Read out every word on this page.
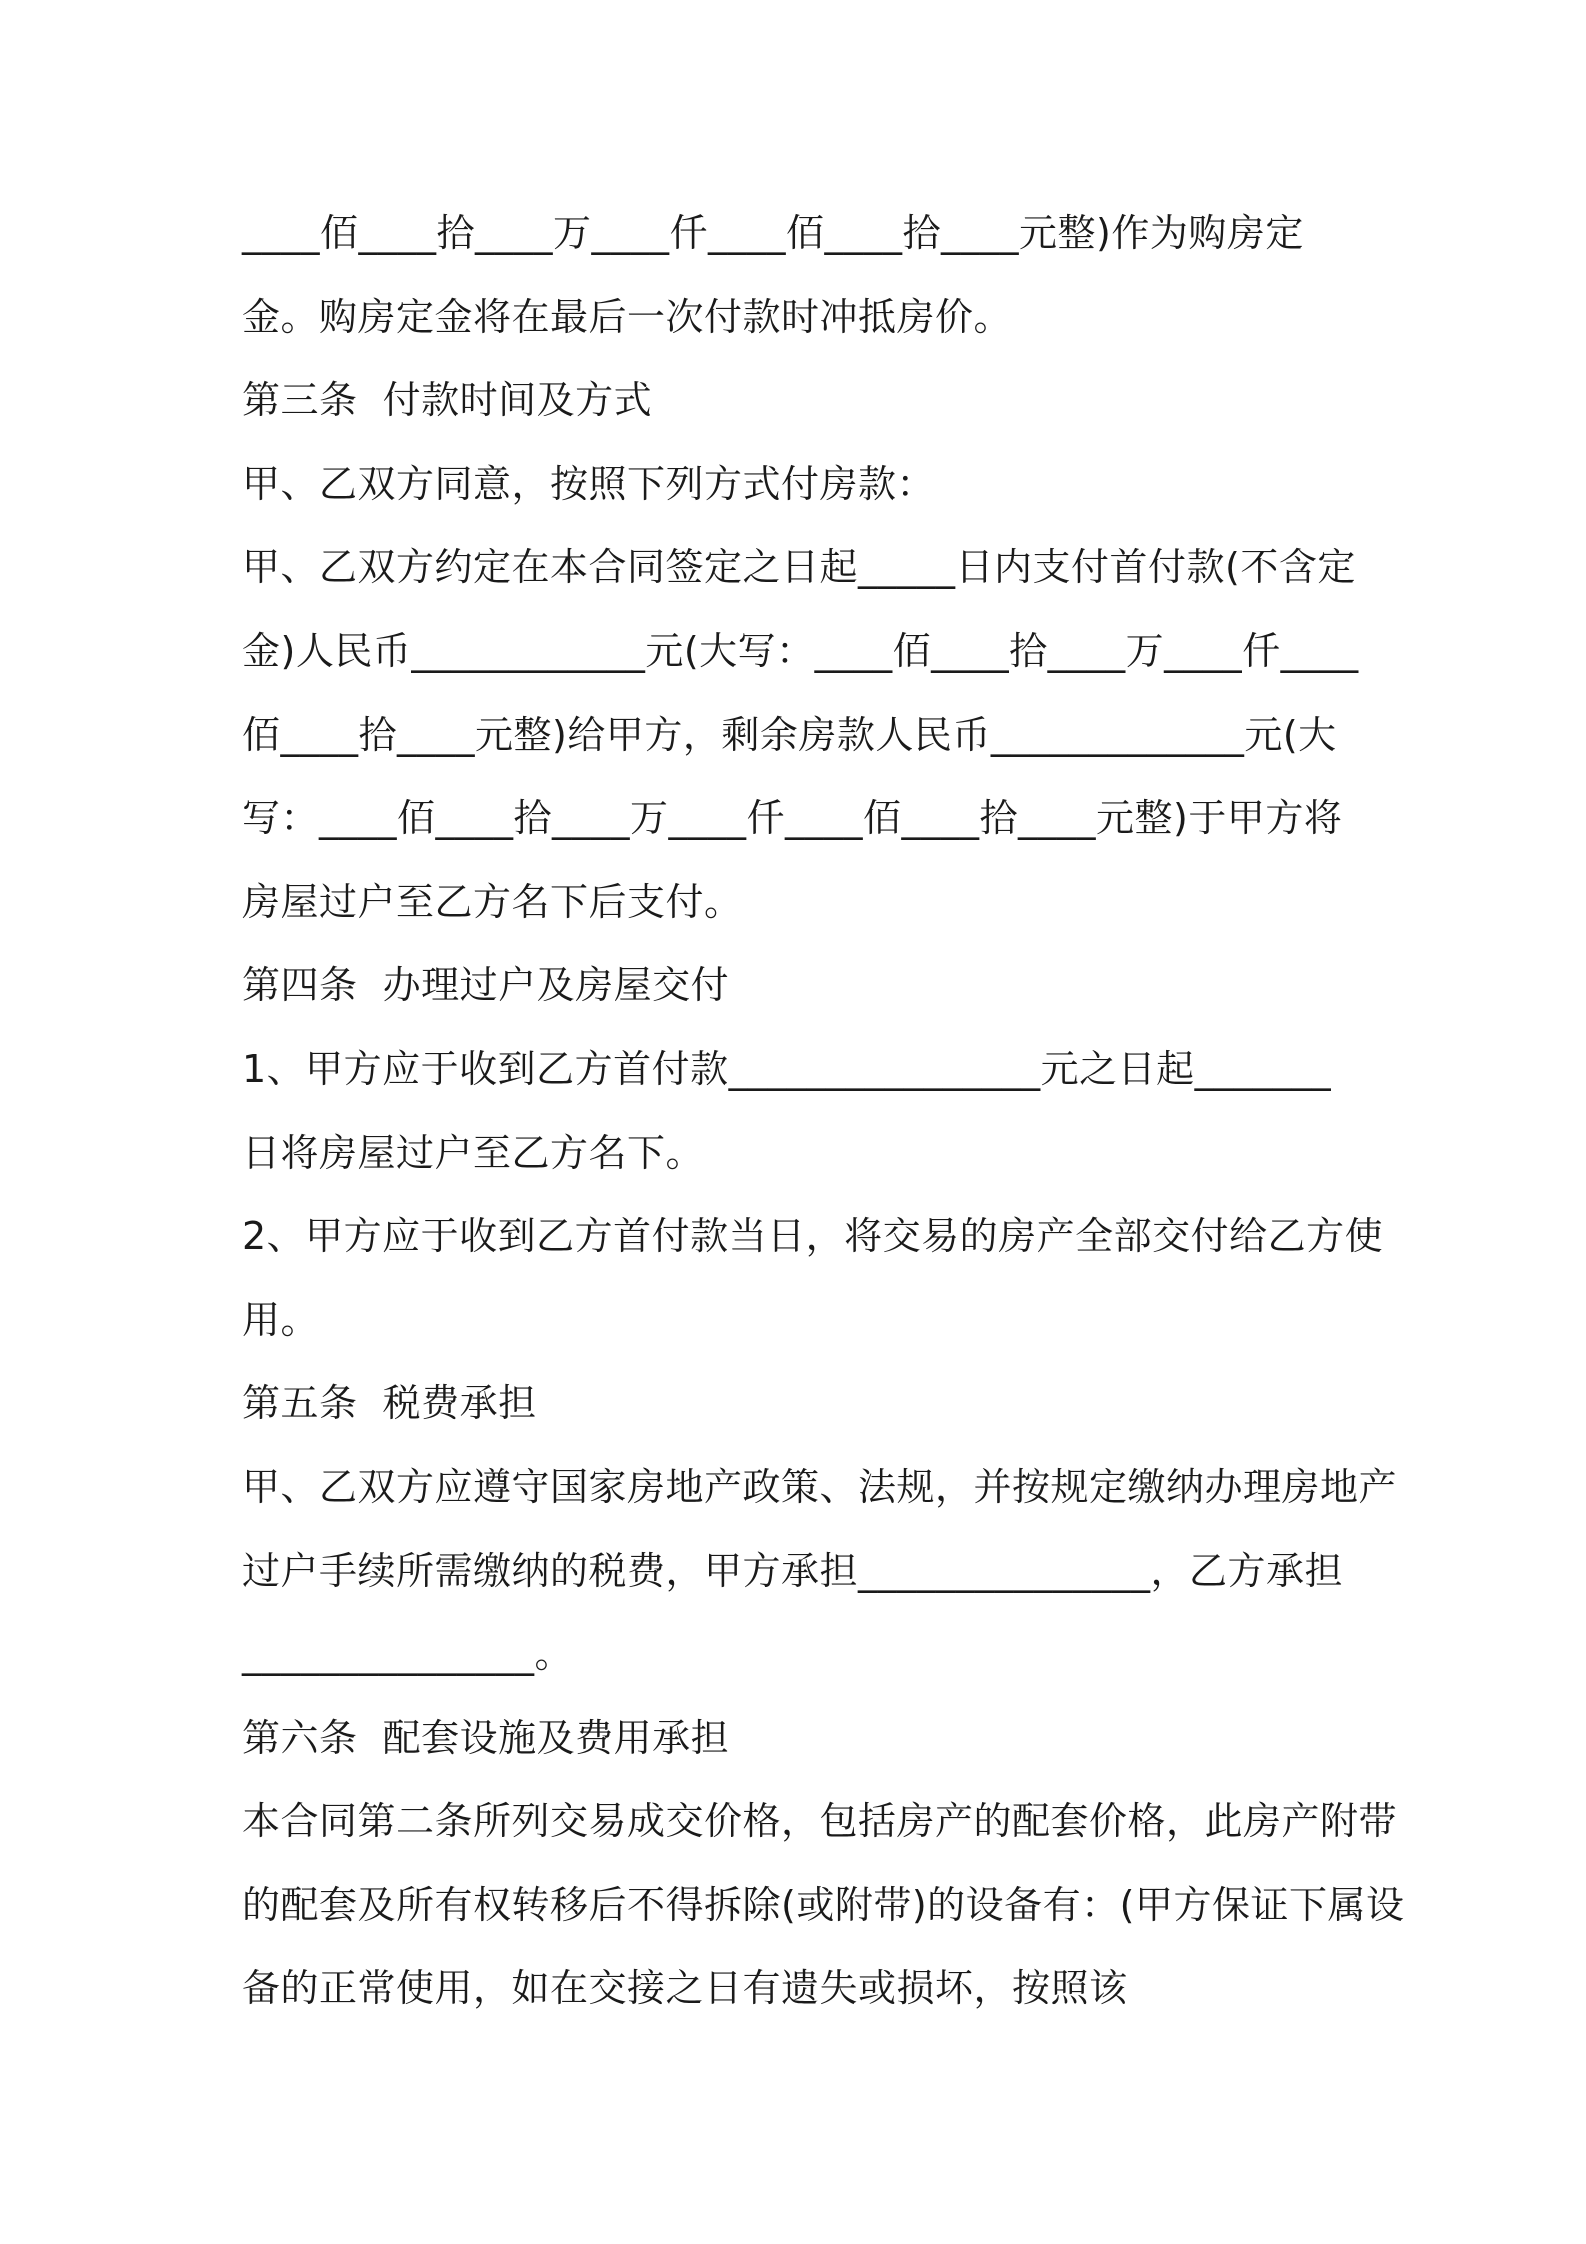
____佰____拾____万____仟____佰____拾____元整)作为购房定
金。购房定金将在最后一次付款时冲抵房价。
第三条  付款时间及方式
甲、乙双方同意，按照下列方式付房款：
甲、乙双方约定在本合同签定之日起_____日内支付首付款(不含定
金)人民币____________元(大写：____佰____拾____万____仟____
佰____拾____元整)给甲方，剩余房款人民币_____________元(大
写：____佰____拾____万____仟____佰____拾____元整)于甲方将
房屋过户至乙方名下后支付。
第四条  办理过户及房屋交付
1、甲方应于收到乙方首付款________________元之日起_______
日将房屋过户至乙方名下。
2、甲方应于收到乙方首付款当日，将交易的房产全部交付给乙方使
用。
第五条  税费承担
甲、乙双方应遵守国家房地产政策、法规，并按规定缴纳办理房地产
过户手续所需缴纳的税费，甲方承担_______________，乙方承担
_______________。
第六条  配套设施及费用承担
本合同第二条所列交易成交价格，包括房产的配套价格，此房产附带
的配套及所有权转移后不得拆除(或附带)的设备有：(甲方保证下属设
备的正常使用，如在交接之日有遗失或损坏，按照该
